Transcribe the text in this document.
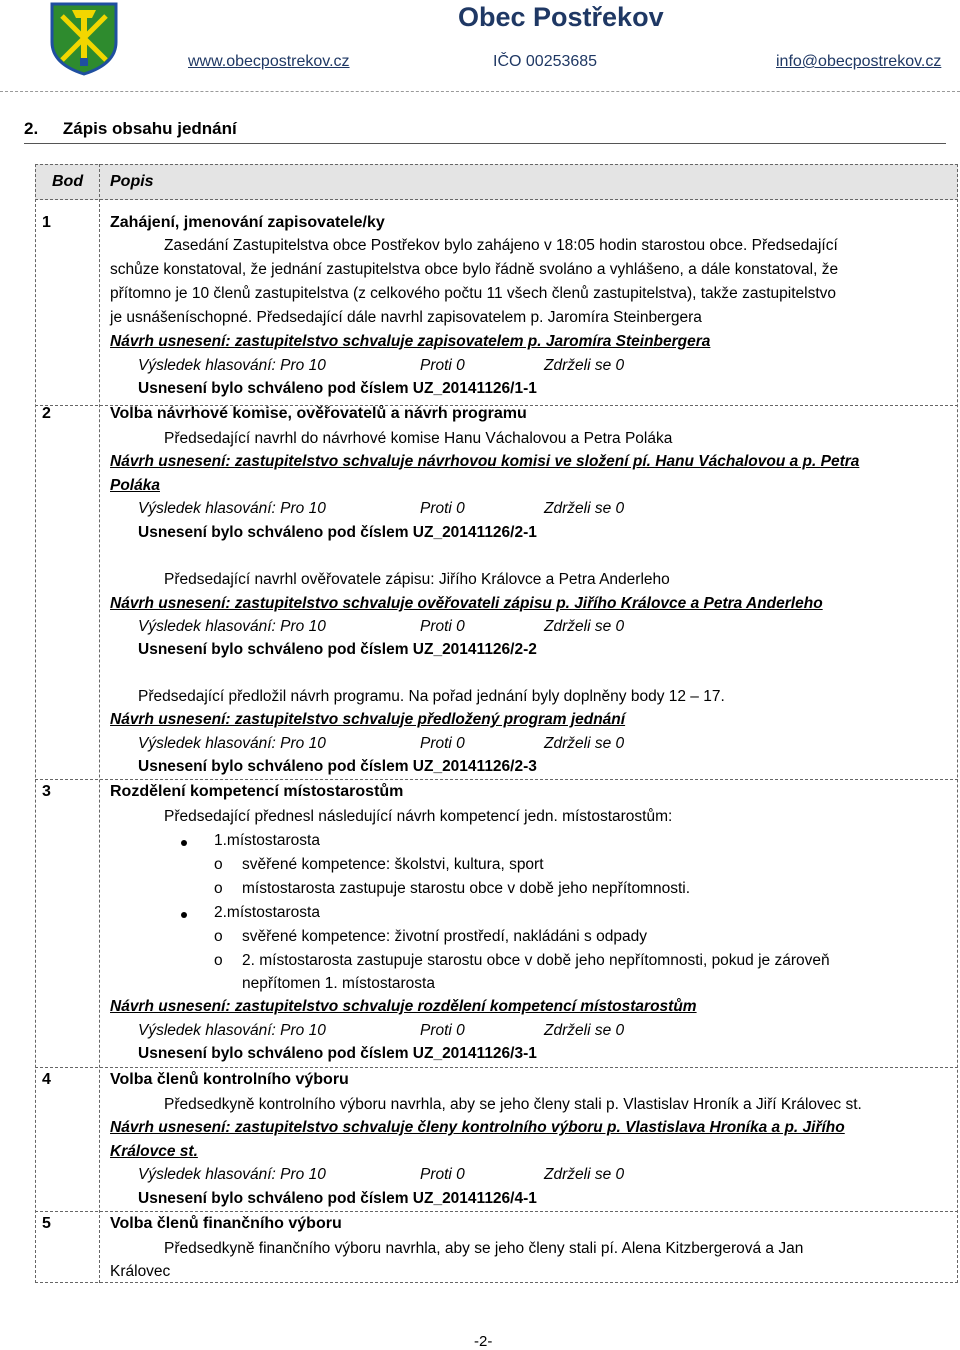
Obec Postřekov
www.obecpostrekov.cz	IČO 00253685	info@obecpostrekov.cz
2. Zápis obsahu jednání
Bod Popis
1	Zahájení, jmenování zapisovatele/ky
Zasedání Zastupitelstva obce Postřekov bylo zahájeno v 18:05 hodin starostou obce. Předsedající
schůze konstatoval, že jednání zastupitelstva obce bylo řádně svoláno a vyhlášeno, a dále konstatoval, že
přítomno je 10 členů zastupitelstva (z celkového počtu 11 všech členů zastupitelstva), takže zastupitelstvo
je usnášeníschopné. Předsedající dále navrhl zapisovatelem p. Jaromíra Steinbergera
Návrh usnesení: zastupitelstvo schvaluje zapisovatelem p. Jaromíra Steinbergera
Výsledek hlasování: Pro 10	Proti 0	Zdrželi se 0
Usnesení bylo schváleno pod číslem UZ_20141126/1-1
2	Volba návrhové komise, ověřovatelů a návrh programu
Předsedající navrhl do návrhové komise Hanu Váchalovou a Petra Poláka
Návrh usnesení: zastupitelstvo schvaluje návrhovou komisi ve složení pí. Hanu Váchalovou a p. Petra
Poláka
Výsledek hlasování: Pro 10	Proti 0	Zdrželi se 0
Usnesení bylo schváleno pod číslem UZ_20141126/2-1
Předsedající navrhl ověřovatele zápisu: Jiřího Královce a Petra Anderleho
Návrh usnesení: zastupitelstvo schvaluje ověřovateli zápisu p. Jiřího Královce a Petra Anderleho
Výsledek hlasování: Pro 10	Proti 0	Zdrželi se 0
Usnesení bylo schváleno pod číslem UZ_20141126/2-2
Předsedající předložil návrh programu. Na pořad jednání byly doplněny body 12 – 17.
Návrh usnesení: zastupitelstvo schvaluje předložený program jednání
Výsledek hlasování: Pro 10	Proti 0	Zdrželi se 0
Usnesení bylo schváleno pod číslem UZ_20141126/2-3
3	Rozdělení kompetencí místostarostům
Předsedající přednesl následující návrh kompetencí jedn. místostarostům:
1.místostarosta
o svěřené kompetence: školstvi, kultura, sport
o místostarosta zastupuje starostu obce v době jeho nepřítomnosti.
2.místostarosta
o svěřené kompetence: životní prostředí, nakládáni s odpady
o 2. místostarosta zastupuje starostu obce v době jeho nepřítomnosti, pokud je zároveň
nepřítomen 1. místostarosta
Návrh usnesení: zastupitelstvo schvaluje rozdělení kompetencí místostarostům
Výsledek hlasování: Pro 10	Proti 0	Zdrželi se 0
Usnesení bylo schváleno pod číslem UZ_20141126/3-1
4	Volba členů kontrolního výboru
Předsedkyně kontrolního výboru navrhla, aby se jeho členy stali p. Vlastislav Hroník a Jiří Královec st.
Návrh usnesení: zastupitelstvo schvaluje členy kontrolního výboru p. Vlastislava Hroníka a p. Jiřího
Královce st.
Výsledek hlasování: Pro 10	Proti 0	Zdrželi se 0
Usnesení bylo schváleno pod číslem UZ_20141126/4-1
5	Volba členů finančního výboru
Předsedkyně finančního výboru navrhla, aby se jeho členy stali pí. Alena Kitzbergerová a Jan
Královec
-2-
